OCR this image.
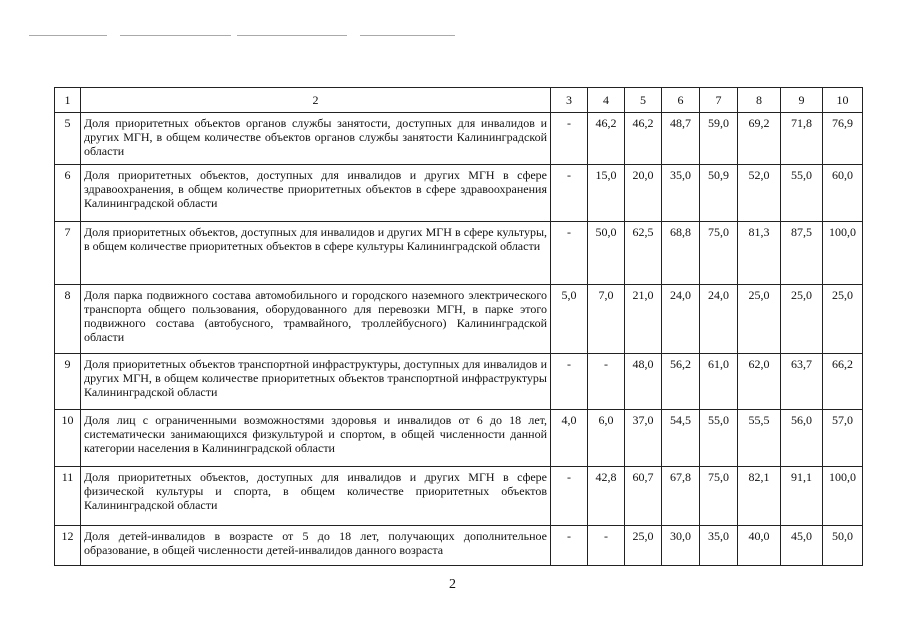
1	2	3	4	5	6	7	8	9	10
5	Доля приоритетных объектов органов службы занятости, доступных для инвалидов и других МГН, в общем количестве объектов органов службы занятости Калининградской области	-	46,2	46,2	48,7	59,0	69,2	71,8	76,9
6	Доля приоритетных объектов, доступных для инвалидов и других МГН в сфере здравоохранения, в общем количестве приоритетных объектов в сфере здравоохранения Калининградской области	-	15,0	20,0	35,0	50,9	52,0	55,0	60,0
7	Доля приоритетных объектов, доступных для инвалидов и других МГН в сфере культуры, в общем количестве приоритетных объектов в сфере культуры Калининградской области	-	50,0	62,5	68,8	75,0	81,3	87,5	100,0
8	Доля парка подвижного состава автомобильного и городского наземного электрического транспорта общего пользования, оборудованного для перевозки МГН, в парке этого подвижного состава (автобусного, трамвайного, троллейбусного) Калининградской области	5,0	7,0	21,0	24,0	24,0	25,0	25,0	25,0
9	Доля приоритетных объектов транспортной инфраструктуры, доступных для инвалидов и других МГН, в общем количестве приоритетных объектов транспортной инфраструктуры Калининградской области	-	-	48,0	56,2	61,0	62,0	63,7	66,2
10	Доля лиц с ограниченными возможностями здоровья и инвалидов от 6 до 18 лет, систематически занимающихся физкультурой и спортом, в общей численности данной категории населения в Калининградской области	4,0	6,0	37,0	54,5	55,0	55,5	56,0	57,0
11	Доля приоритетных объектов, доступных для инвалидов и других МГН в сфере физической культуры и спорта, в общем количестве приоритетных объектов Калининградской области	-	42,8	60,7	67,8	75,0	82,1	91,1	100,0
12	Доля детей-инвалидов в возрасте от 5 до 18 лет, получающих дополнительное образование, в общей численности детей-инвалидов данного возраста	-	-	25,0	30,0	35,0	40,0	45,0	50,0
2
